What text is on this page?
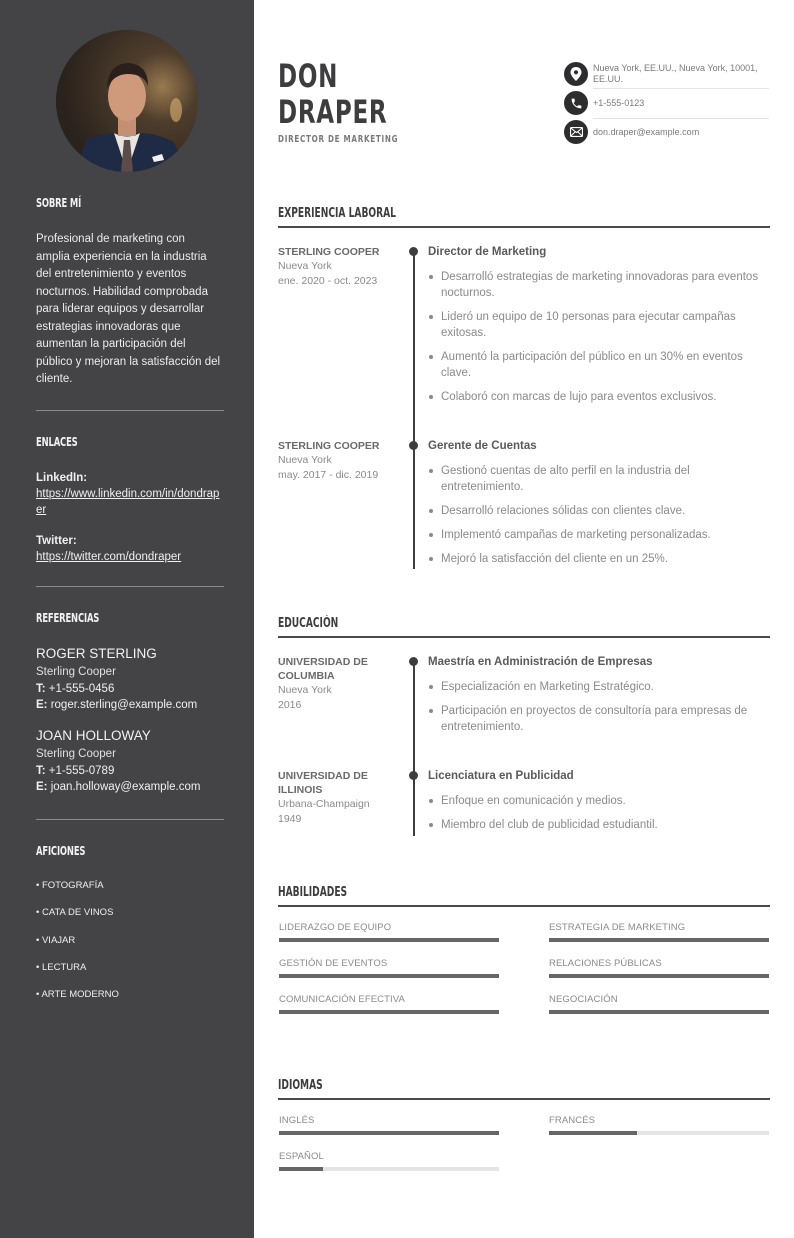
SOBRE MÍ
Profesional de marketing con amplia experiencia en la industria del entretenimiento y eventos nocturnos. Habilidad comprobada para liderar equipos y desarrollar estrategias innovadoras que aumentan la participación del público y mejoran la satisfacción del cliente.
ENLACES
LinkedIn:
https://www.linkedin.com/in/dondraper
Twitter:
https://twitter.com/dondraper
REFERENCIAS
ROGER STERLING
Sterling Cooper
T: +1-555-0456
E: roger.sterling@example.com
JOAN HOLLOWAY
Sterling Cooper
T: +1-555-0789
E: joan.holloway@example.com
AFICIONES
• FOTOGRAFÍA
• CATA DE VINOS
• VIAJAR
• LECTURA
• ARTE MODERNO
DON
DRAPER
DIRECTOR DE MARKETING
Nueva York, EE.UU., Nueva York, 10001, EE.UU.
+1-555-0123
don.draper@example.com
EXPERIENCIA LABORAL
STERLING COOPER
Nueva York
ene. 2020 - oct. 2023
Director de Marketing
Desarrolló estrategias de marketing innovadoras para eventos nocturnos.
Lideró un equipo de 10 personas para ejecutar campañas exitosas.
Aumentó la participación del público en un 30% en eventos clave.
Colaboró con marcas de lujo para eventos exclusivos.
STERLING COOPER
Nueva York
may. 2017 - dic. 2019
Gerente de Cuentas
Gestionó cuentas de alto perfil en la industria del entretenimiento.
Desarrolló relaciones sólidas con clientes clave.
Implementó campañas de marketing personalizadas.
Mejoró la satisfacción del cliente en un 25%.
EDUCACIÓN
UNIVERSIDAD DE COLUMBIA
Nueva York
2016
Maestría en Administración de Empresas
Especialización en Marketing Estratégico.
Participación en proyectos de consultoría para empresas de entretenimiento.
UNIVERSIDAD DE ILLINOIS
Urbana-Champaign
1949
Licenciatura en Publicidad
Enfoque en comunicación y medios.
Miembro del club de publicidad estudiantil.
HABILIDADES
LIDERAZGO DE EQUIPO	ESTRATEGIA DE MARKETING
GESTIÓN DE EVENTOS	RELACIONES PÚBLICAS
COMUNICACIÓN EFECTIVA	NEGOCIACIÓN
IDIOMAS
INGLÉS	FRANCÉS
ESPAÑOL
